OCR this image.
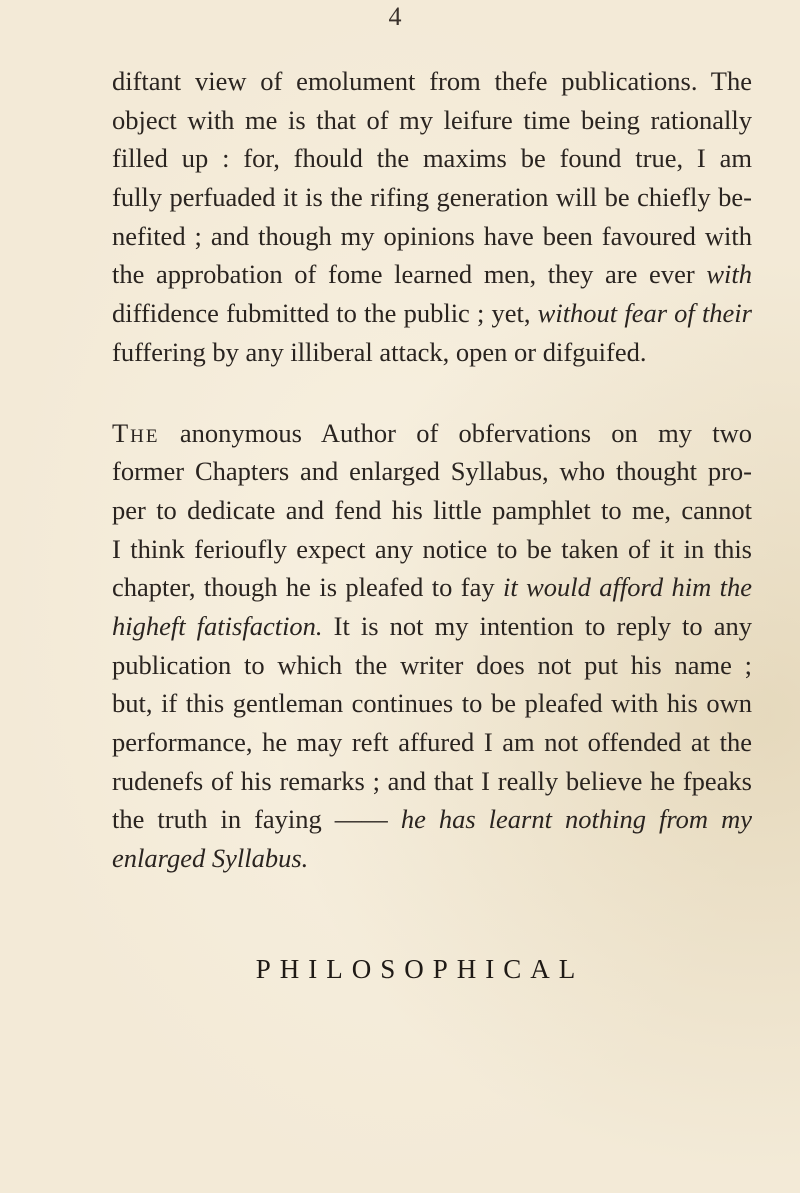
4
diftant view of emolument from thefe publications. The
object with me is that of my leifure time being rationally
filled up : for, fhould the maxims be found true, I am
fully perfuaded it is the rifing generation will be chiefly be-
nefited ; and though my opinions have been favoured with
the approbation of fome learned men, they are ever with
diffidence fubmitted to the public ; yet, without fear of their
fuffering by any illiberal attack, open or difguifed.
The anonymous Author of obfervations on my two
former Chapters and enlarged Syllabus, who thought pro-
per to dedicate and fend his little pamphlet to me, cannot
I think ferioufly expect any notice to be taken of it in this
chapter, though he is pleafed to fay it would afford him the
higheft fatisfaction. It is not my intention to reply to any
publication to which the writer does not put his name ;
but, if this gentleman continues to be pleafed with his own
performance, he may reft affured I am not offended at the
rudenefs of his remarks ; and that I really believe he fpeaks
the truth in faying —— he has learnt nothing from my
enlarged Syllabus.
PHILOSOPHICAL
